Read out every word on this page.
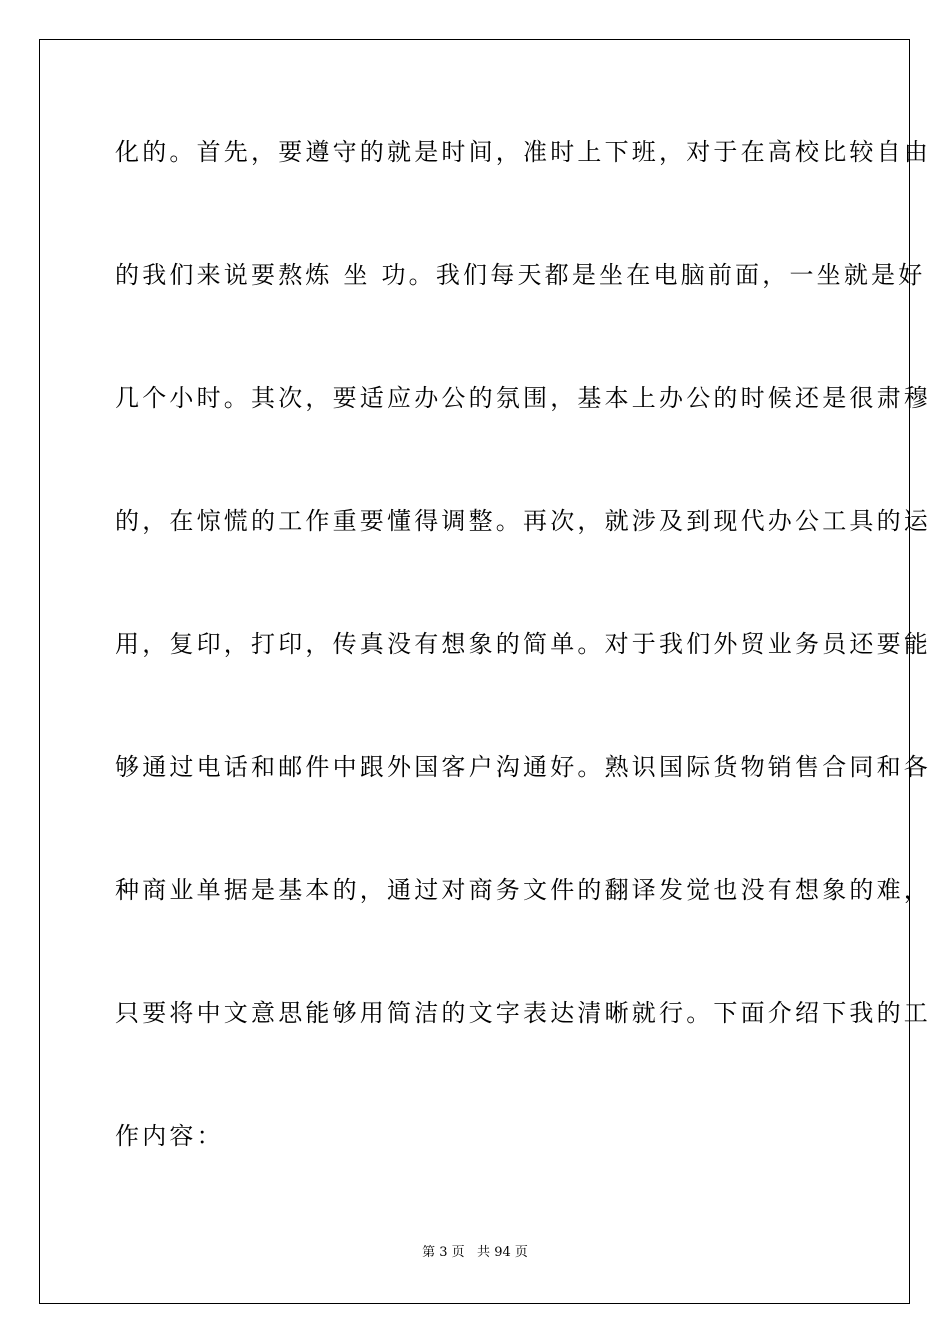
化的。首先，要遵守的就是时间，准时上下班，对于在高校比较自由
的我们来说要熬炼 坐 功。我们每天都是坐在电脑前面，一坐就是好
几个小时。其次，要适应办公的氛围，基本上办公的时候还是很肃穆
的，在惊慌的工作重要懂得调整。再次，就涉及到现代办公工具的运
用，复印，打印，传真没有想象的简单。对于我们外贸业务员还要能
够通过电话和邮件中跟外国客户沟通好。熟识国际货物销售合同和各
种商业单据是基本的，通过对商务文件的翻译发觉也没有想象的难，
只要将中文意思能够用简洁的文字表达清晰就行。下面介绍下我的工
作内容：
第 3 页   共 94 页
